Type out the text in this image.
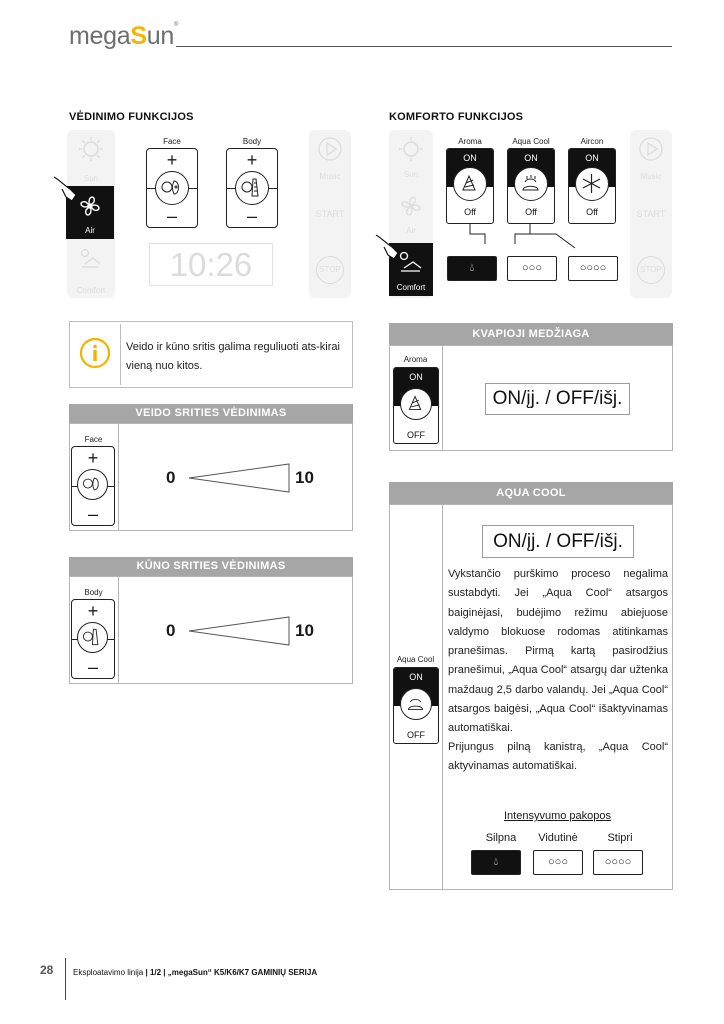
megaSun®
VĖDINIMO FUNKCIJOS
Sun
Comfort
Air
Face
+
–
Body
+
–
10:26
Music
START
STOP
Veido ir kūno sritis galima reguliuoti ats-kirai vieną nuo kitos.
VEIDO SRITIES VĖDINIMAS
Face
+
–
0	10
KŪNO SRITIES VĖDINIMAS
Body
+
–
0	10
KOMFORTO FUNKCIJOS
Sun
Air
Comfort
Aroma
ON
Off
Aqua Cool
ON
Off
Aircon
ON
Off
💧︎	○○○	○○○○
Music
START
STOP
KVAPIOJI MEDŽIAGA
Aroma
ON
OFF
ON/įj. / OFF/išj.
AQUA COOL
Aqua Cool
ON
OFF
ON/įj. / OFF/išj.
Vykstančio purškimo proceso negalima sustabdyti. Jei „Aqua Cool“ atsargos baiginėjasi, budėjimo režimu abiejuose valdymo blokuose rodomas atitinkamas pranešimas. Pirmą kartą pasirodžius pranešimui, „Aqua Cool“ atsargų dar užtenka maždaug 2,5 darbo valandų. Jei „Aqua Cool“ atsargos baigėsi, „Aqua Cool“ išaktyvinamas automatiškai.
Prijungus pilną kanistrą, „Aqua Cool“ aktyvinamas automatiškai.
Intensyvumo pakopos
Silpna	Vidutinė	Stipri
💧︎	○○○	○○○○
28 Eksploatavimo linija | 1/2 | „megaSun“ K5/K6/K7 GAMINIŲ SERIJA
